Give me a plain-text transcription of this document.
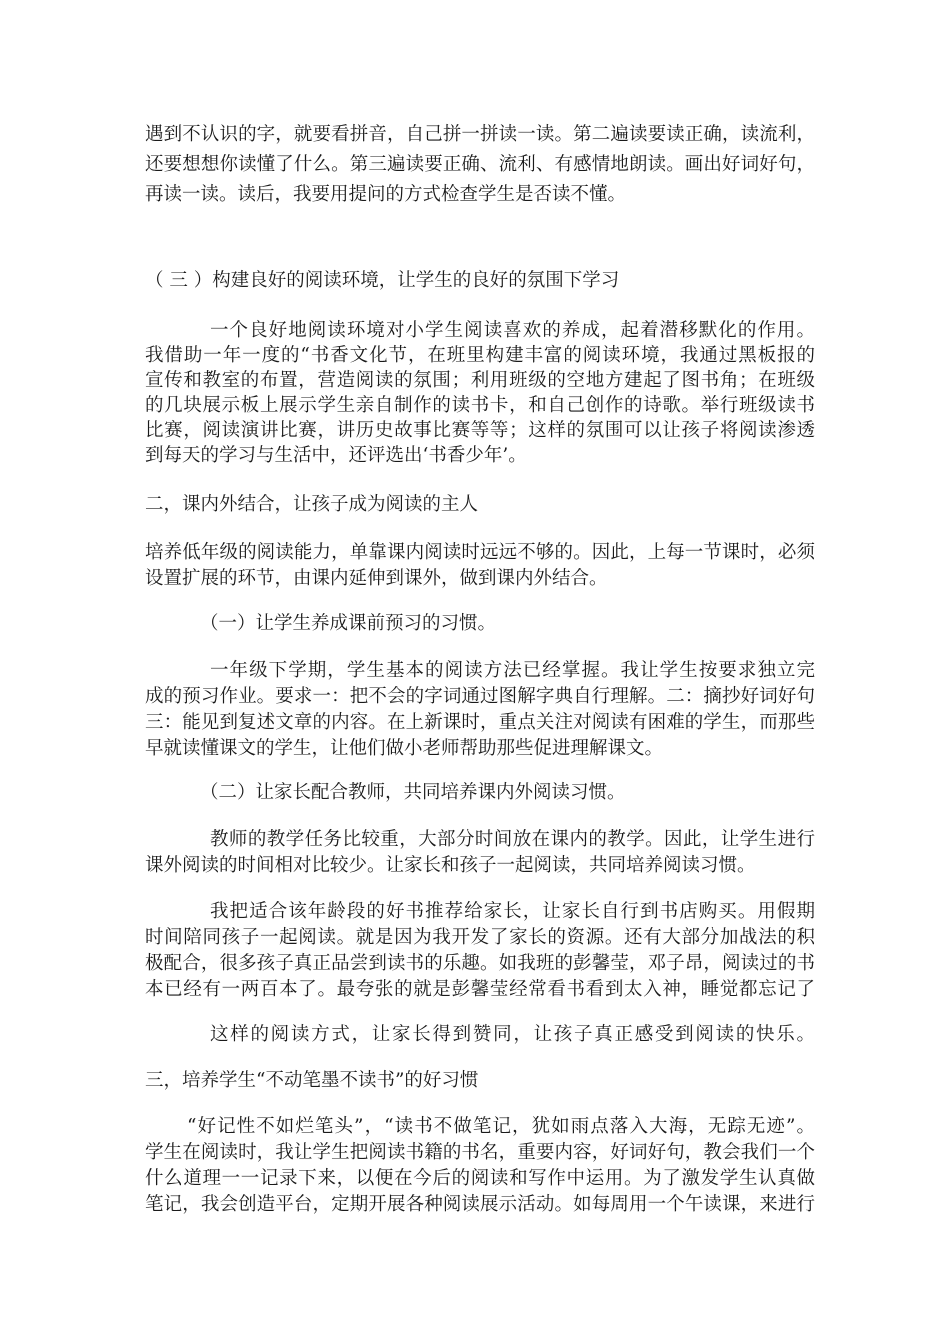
遇到不认识的字，就要看拼音，自己拼一拼读一读。第二遍读要读正确，读流利，
还要想想你读懂了什么。第三遍读要正确、流利、有感情地朗读。画出好词好句，
再读一读。读后，我要用提问的方式检查学生是否读不懂。
（ 三 ）构建良好的阅读环境，让学生的良好的氛围下学习
一个良好地阅读环境对小学生阅读喜欢的养成，起着潜移默化的作用。
我借助一年一度的“书香文化节，在班里构建丰富的阅读环境，我通过黑板报的
宣传和教室的布置，营造阅读的氛围；利用班级的空地方建起了图书角；在班级
的几块展示板上展示学生亲自制作的读书卡，和自己创作的诗歌。举行班级读书
比赛，阅读演讲比赛，讲历史故事比赛等等；这样的氛围可以让孩子将阅读渗透
到每天的学习与生活中，还评选出‘书香少年’。
二，课内外结合，让孩子成为阅读的主人
培养低年级的阅读能力，单靠课内阅读时远远不够的。因此，上每一节课时，必须
设置扩展的环节，由课内延伸到课外，做到课内外结合。
（一）让学生养成课前预习的习惯。
一年级下学期，学生基本的阅读方法已经掌握。我让学生按要求独立完
成的预习作业。要求一：把不会的字词通过图解字典自行理解。二：摘抄好词好句
三：能见到复述文章的内容。在上新课时，重点关注对阅读有困难的学生，而那些
早就读懂课文的学生，让他们做小老师帮助那些促进理解课文。
（二）让家长配合教师，共同培养课内外阅读习惯。
教师的教学任务比较重，大部分时间放在课内的教学。因此，让学生进行
课外阅读的时间相对比较少。让家长和孩子一起阅读，共同培养阅读习惯。
我把适合该年龄段的好书推荐给家长，让家长自行到书店购买。用假期
时间陪同孩子一起阅读。就是因为我开发了家长的资源。还有大部分加战法的积
极配合，很多孩子真正品尝到读书的乐趣。如我班的彭馨莹，邓子昂，阅读过的书
本已经有一两百本了。最夸张的就是彭馨莹经常看书看到太入神，睡觉都忘记了
这样的阅读方式，让家长得到赞同，让孩子真正感受到阅读的快乐。
三，培养学生“不动笔墨不读书”的好习惯
“好记性不如烂笔头”，“读书不做笔记，犹如雨点落入大海，无踪无迹”。
学生在阅读时，我让学生把阅读书籍的书名，重要内容，好词好句，教会我们一个
什么道理一一记录下来，以便在今后的阅读和写作中运用。为了激发学生认真做
笔记，我会创造平台，定期开展各种阅读展示活动。如每周用一个午读课，来进行
